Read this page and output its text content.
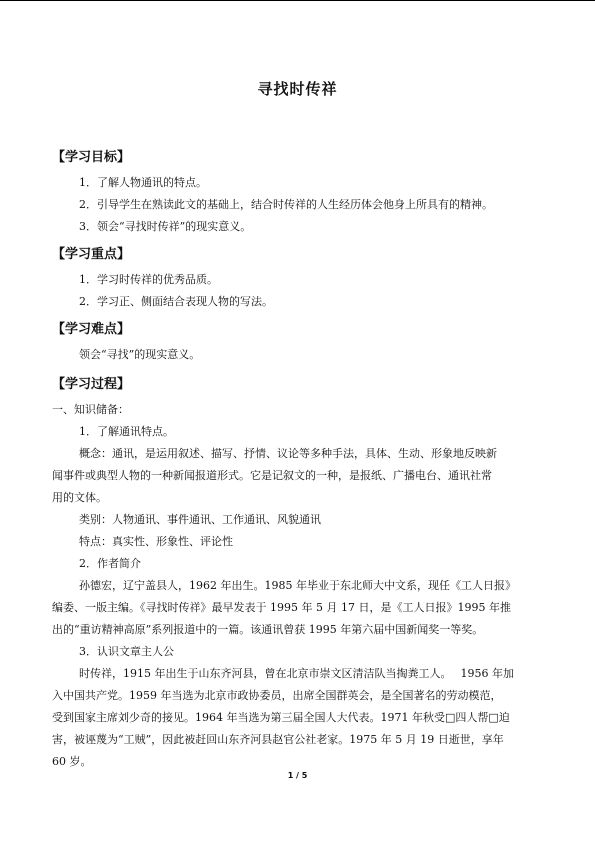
寻找时传祥
【学习目标】
1．了解人物通讯的特点。
2．引导学生在熟读此文的基础上，结合时传祥的人生经历体会他身上所具有的精神。
3．领会“寻找时传祥”的现实意义。
【学习重点】
1．学习时传祥的优秀品质。
2．学习正、侧面结合表现人物的写法。
【学习难点】
领会“寻找”的现实意义。
【学习过程】
一、知识储备：
1．了解通讯特点。
概念：通讯，是运用叙述、描写、抒情、议论等多种手法，具体、生动、形象地反映新
闻事件或典型人物的一种新闻报道形式。它是记叙文的一种，是报纸、广播电台、通讯社常
用的文体。
类别：人物通讯、事件通讯、工作通讯、风貌通讯
特点：真实性、形象性、评论性
2．作者简介
孙德宏，辽宁盖县人，1962 年出生。1985 年毕业于东北师大中文系，现任《工人日报》
编委、一版主编。《寻找时传祥》最早发表于 1995 年 5 月 17 日，是《工人日报》1995 年推
出的“重访精神高原”系列报道中的一篇。该通讯曾获 1995 年第六届中国新闻奖一等奖。
3．认识文章主人公
时传祥，1915 年出生于山东齐河县，曾在北京市崇文区清洁队当掏粪工人。　 1956 年加
入中国共产党。1959 年当选为北京市政协委员，出席全国群英会，是全国著名的劳动模范，
受到国家主席刘少奇的接见。1964 年当选为第三届全国人大代表。1971 年秋受□四人帮□迫
害，被诬蔑为“工贼”，因此被赶回山东齐河县赵官公社老家。1975 年 5 月 19 日逝世，享年
60 岁。
1 / 5
